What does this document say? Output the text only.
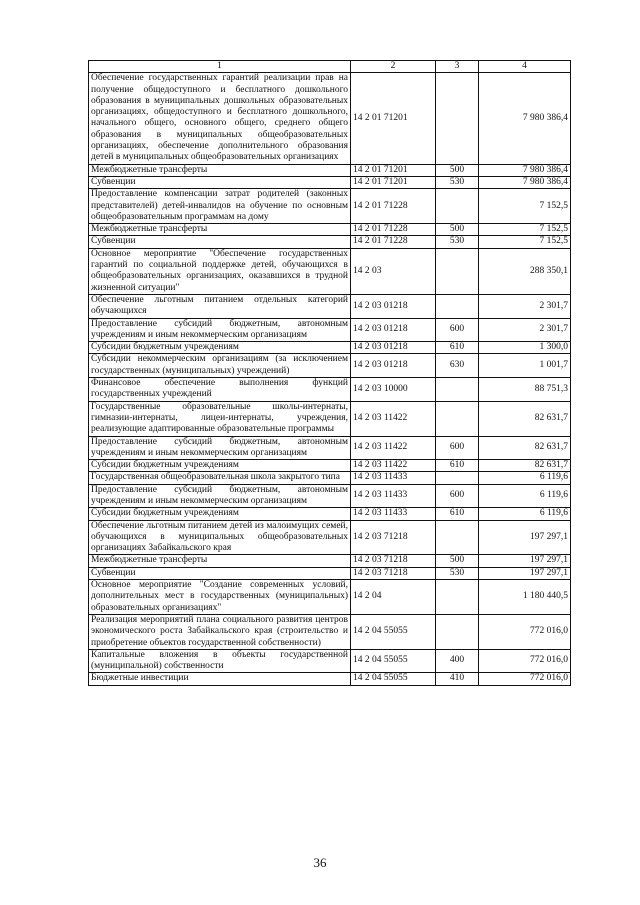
1	2	3	4
Обеспечение государственных гарантий реализации прав на получение общедоступного и бесплатного дошкольного образования в муниципальных дошкольных образовательных организациях, общедоступного и бесплатного дошкольного, начального общего, основного общего, среднего общего образования в муниципальных общеобразовательных организациях, обеспечение дополнительного образования детей в муниципальных общеобразовательных организациях	14 2 01 71201		7 980 386,4
Межбюджетные трансферты	14 2 01 71201	500	7 980 386,4
Субвенции	14 2 01 71201	530	7 980 386,4
Предоставление компенсации затрат родителей (законных представителей) детей-инвалидов на обучение по основным общеобразовательным программам на дому	14 2 01 71228		7 152,5
Межбюджетные трансферты	14 2 01 71228	500	7 152,5
Субвенции	14 2 01 71228	530	7 152,5
Основное мероприятие "Обеспечение государственных гарантий по социальной поддержке детей, обучающихся в общеобразовательных организациях, оказавшихся в трудной жизненной ситуации"	14 2 03		288 350,1
Обеспечение льготным питанием отдельных категорий обучающихся	14 2 03 01218		2 301,7
Предоставление субсидий бюджетным, автономным учреждениям и иным некоммерческим организациям	14 2 03 01218	600	2 301,7
Субсидии бюджетным учреждениям	14 2 03 01218	610	1 300,0
Субсидии некоммерческим организациям (за исключением государственных (муниципальных) учреждений)	14 2 03 01218	630	1 001,7
Финансовое обеспечение выполнения функций государственных учреждений	14 2 03 10000		88 751,3
Государственные образовательные школы-интернаты, гимназии-интернаты, лицеи-интернаты, учреждения, реализующие адаптированные образовательные программы	14 2 03 11422		82 631,7
Предоставление субсидий бюджетным, автономным учреждениям и иным некоммерческим организациям	14 2 03 11422	600	82 631,7
Субсидии бюджетным учреждениям	14 2 03 11422	610	82 631,7
Государственная общеобразовательная школа закрытого типа	14 2 03 11433		6 119,6
Предоставление субсидий бюджетным, автономным учреждениям и иным некоммерческим организациям	14 2 03 11433	600	6 119,6
Субсидии бюджетным учреждениям	14 2 03 11433	610	6 119,6
Обеспечение льготным питанием детей из малоимущих семей, обучающихся в муниципальных общеобразовательных организациях Забайкальского края	14 2 03 71218		197 297,1
Межбюджетные трансферты	14 2 03 71218	500	197 297,1
Субвенции	14 2 03 71218	530	197 297,1
Основное мероприятие "Создание современных условий, дополнительных мест в государственных (муниципальных) образовательных организациях"	14 2 04		1 180 440,5
Реализация мероприятий плана социального развития центров экономического роста Забайкальского края (строительство и приобретение объектов государственной собственности)	14 2 04 55055		772 016,0
Капитальные вложения в объекты государственной (муниципальной) собственности	14 2 04 55055	400	772 016,0
Бюджетные инвестиции	14 2 04 55055	410	772 016,0
36
